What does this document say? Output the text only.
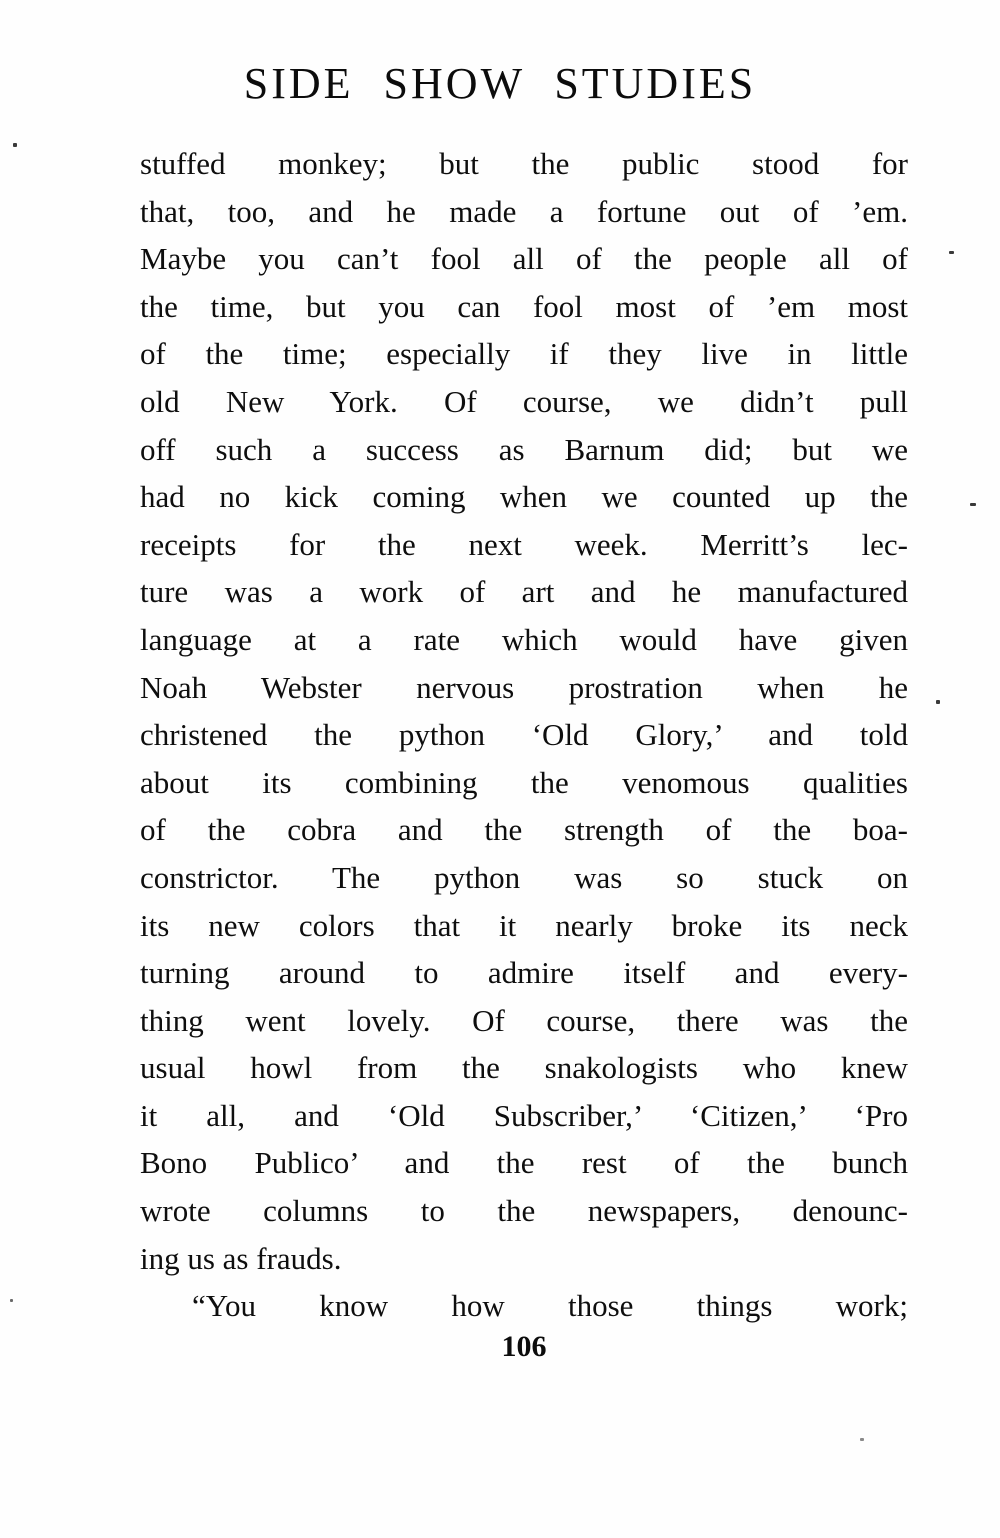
SIDE SHOW STUDIES
stuffed monkey; but the public stood for
that, too, and he made a fortune out of ’em.
Maybe you can’t fool all of the people all of
the time, but you can fool most of ’em most
of the time; especially if they live in little
old New York. Of course, we didn’t pull
off such a success as Barnum did; but we
had no kick coming when we counted up the
receipts for the next week. Merritt’s lec-
ture was a work of art and he manufactured
language at a rate which would have given
Noah Webster nervous prostration when he
christened the python ‘Old Glory,’ and told
about its combining the venomous qualities
of the cobra and the strength of the boa-
constrictor. The python was so stuck on
its new colors that it nearly broke its neck
turning around to admire itself and every-
thing went lovely. Of course, there was the
usual howl from the snakologists who knew
it all, and ‘Old Subscriber,’ ‘Citizen,’ ‘Pro
Bono Publico’ and the rest of the bunch
wrote columns to the newspapers, denounc-
ing us as frauds.
“You know how those things work;
106
